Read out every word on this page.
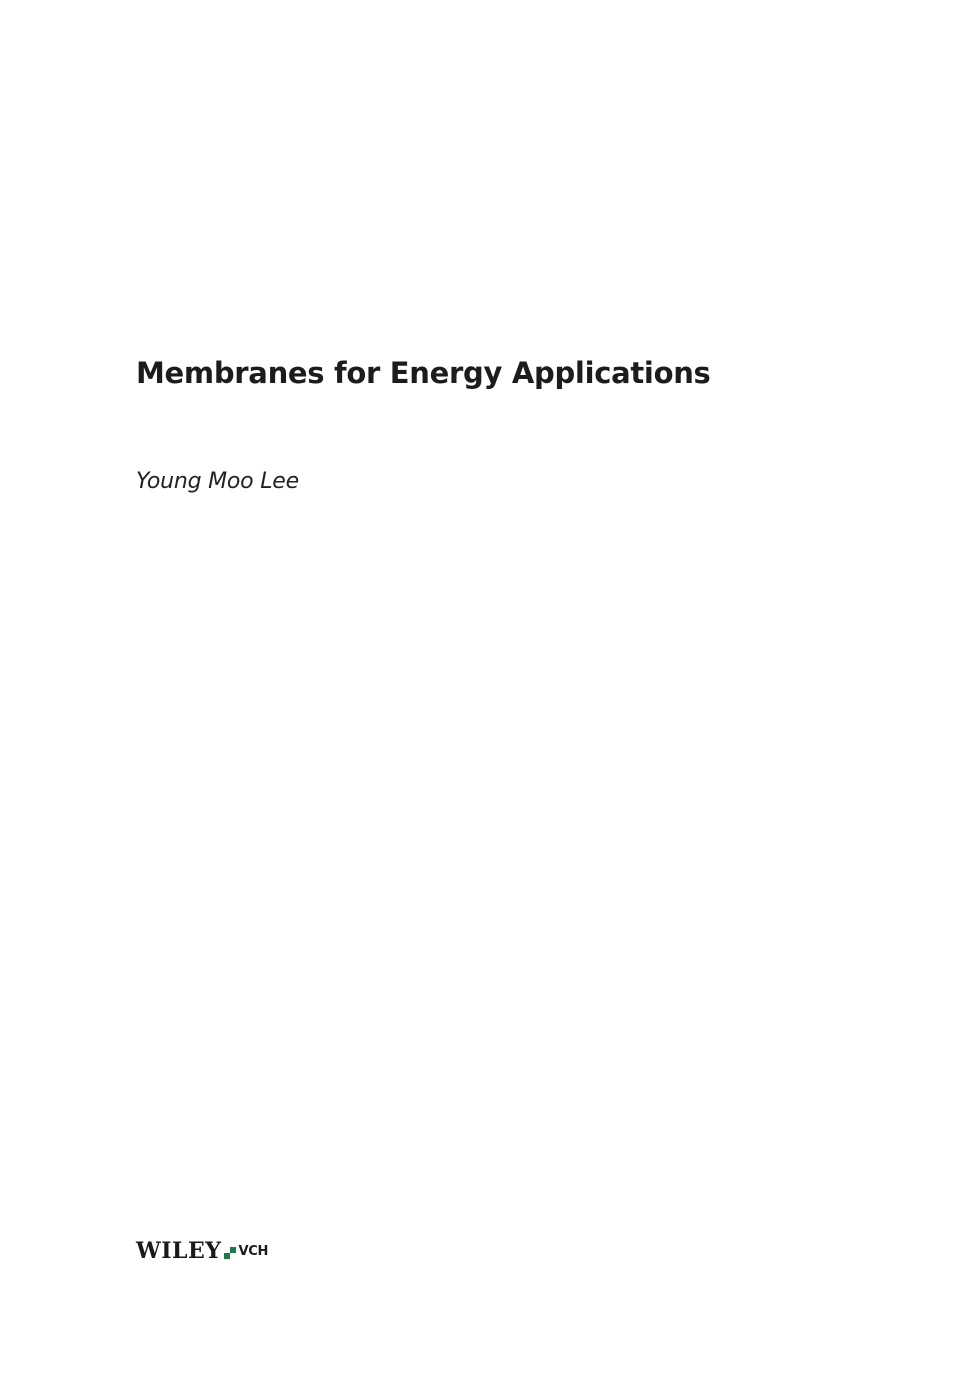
Membranes for Energy Applications

Young Moo Lee

WILEY VCH
